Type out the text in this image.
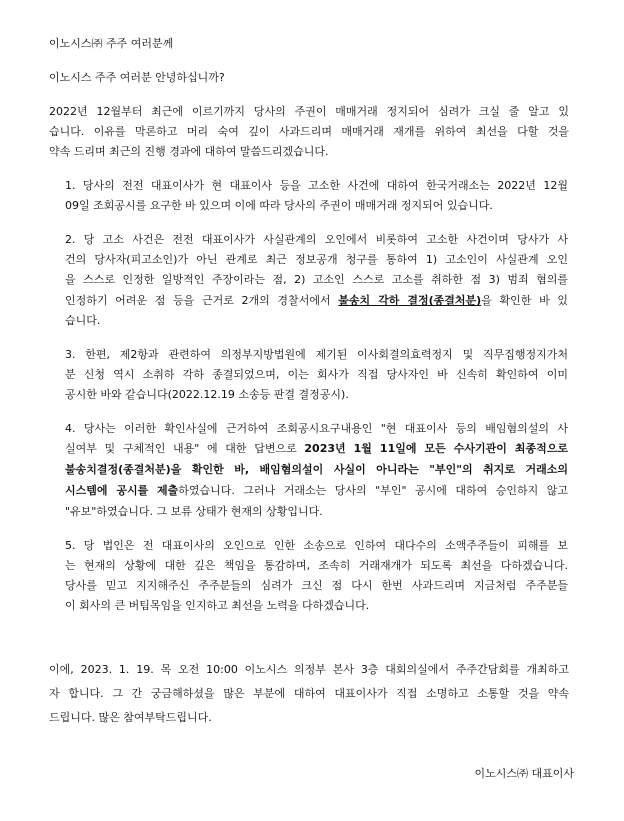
이노시스㈜ 주주 여러분께
이노시스 주주 여러분 안녕하십니까?
2022년 12월부터 최근에 이르기까지 당사의 주권이 매매거래 정지되어 심려가 크실 줄 알고 있
습니다. 이유를 막론하고 머리 숙여 깊이 사과드리며 매매거래 재개를 위하여 최선을 다할 것을
약속 드리며 최근의 진행 경과에 대하여 말씀드리겠습니다.
1. 당사의 전전 대표이사가 현 대표이사 등을 고소한 사건에 대하여 한국거래소는 2022년 12월
09일 조회공시를 요구한 바 있으며 이에 따라 당사의 주권이 매매거래 정지되어 있습니다.
2. 당 고소 사건은 전전 대표이사가 사실관계의 오인에서 비롯하여 고소한 사건이며 당사가 사
건의 당사자(피고소인)가 아닌 관계로 최근 정보공개 청구를 통하여 1) 고소인이 사실관계 오인
을 스스로 인정한 일방적인 주장이라는 점, 2) 고소인 스스로 고소를 취하한 점 3) 범죄 혐의를
인정하기 어려운 점 등을 근거로 2개의 경찰서에서 불송치 각하 결정(종결처분)을 확인한 바 있
습니다.
3. 한편, 제2항과 관련하여 의정부지방법원에 제기된 이사회결의효력정지 및 직무집행정지가처
분 신청 역시 소취하 각하 종결되었으며, 이는 회사가 직접 당사자인 바 신속히 확인하여 이미
공시한 바와 같습니다(2022.12.19 소송등 판결 결정공시).
4. 당사는 이러한 확인사실에 근거하여 조회공시요구내용인 "현 대표이사 등의 배임혐의설의 사
실여부 및 구체적인 내용" 에 대한 답변으로 2023년 1월 11일에 모든 수사기관이 최종적으로
불송치결정(종결처분)을 확인한 바, 배임혐의설이 사실이 아니라는 "부인"의 취지로 거래소의
시스템에 공시를 제출하였습니다. 그러나 거래소는 당사의 "부인" 공시에 대하여 승인하지 않고
"유보"하였습니다. 그 보류 상태가 현재의 상황입니다.
5. 당 법인은 전 대표이사의 오인으로 인한 소송으로 인하여 대다수의 소액주주들이 피해를 보
는 현재의 상황에 대한 깊은 책임을 통감하며, 조속히 거래재개가 되도록 최선을 다하겠습니다.
당사를 믿고 지지해주신 주주분들의 심려가 크신 점 다시 한번 사과드리며 지금처럼 주주분들
이 회사의 큰 버팀목임을 인지하고 최선을 노력을 다하겠습니다.
이에, 2023. 1. 19. 목 오전 10:00 이노시스 의정부 본사 3층 대회의실에서 주주간담회를 개최하고
자 합니다. 그 간 궁금해하셨을 많은 부분에 대하여 대표이사가 직접 소명하고 소통할 것을 약속
드립니다. 많은 참여부탁드립니다.
이노시스㈜ 대표이사
